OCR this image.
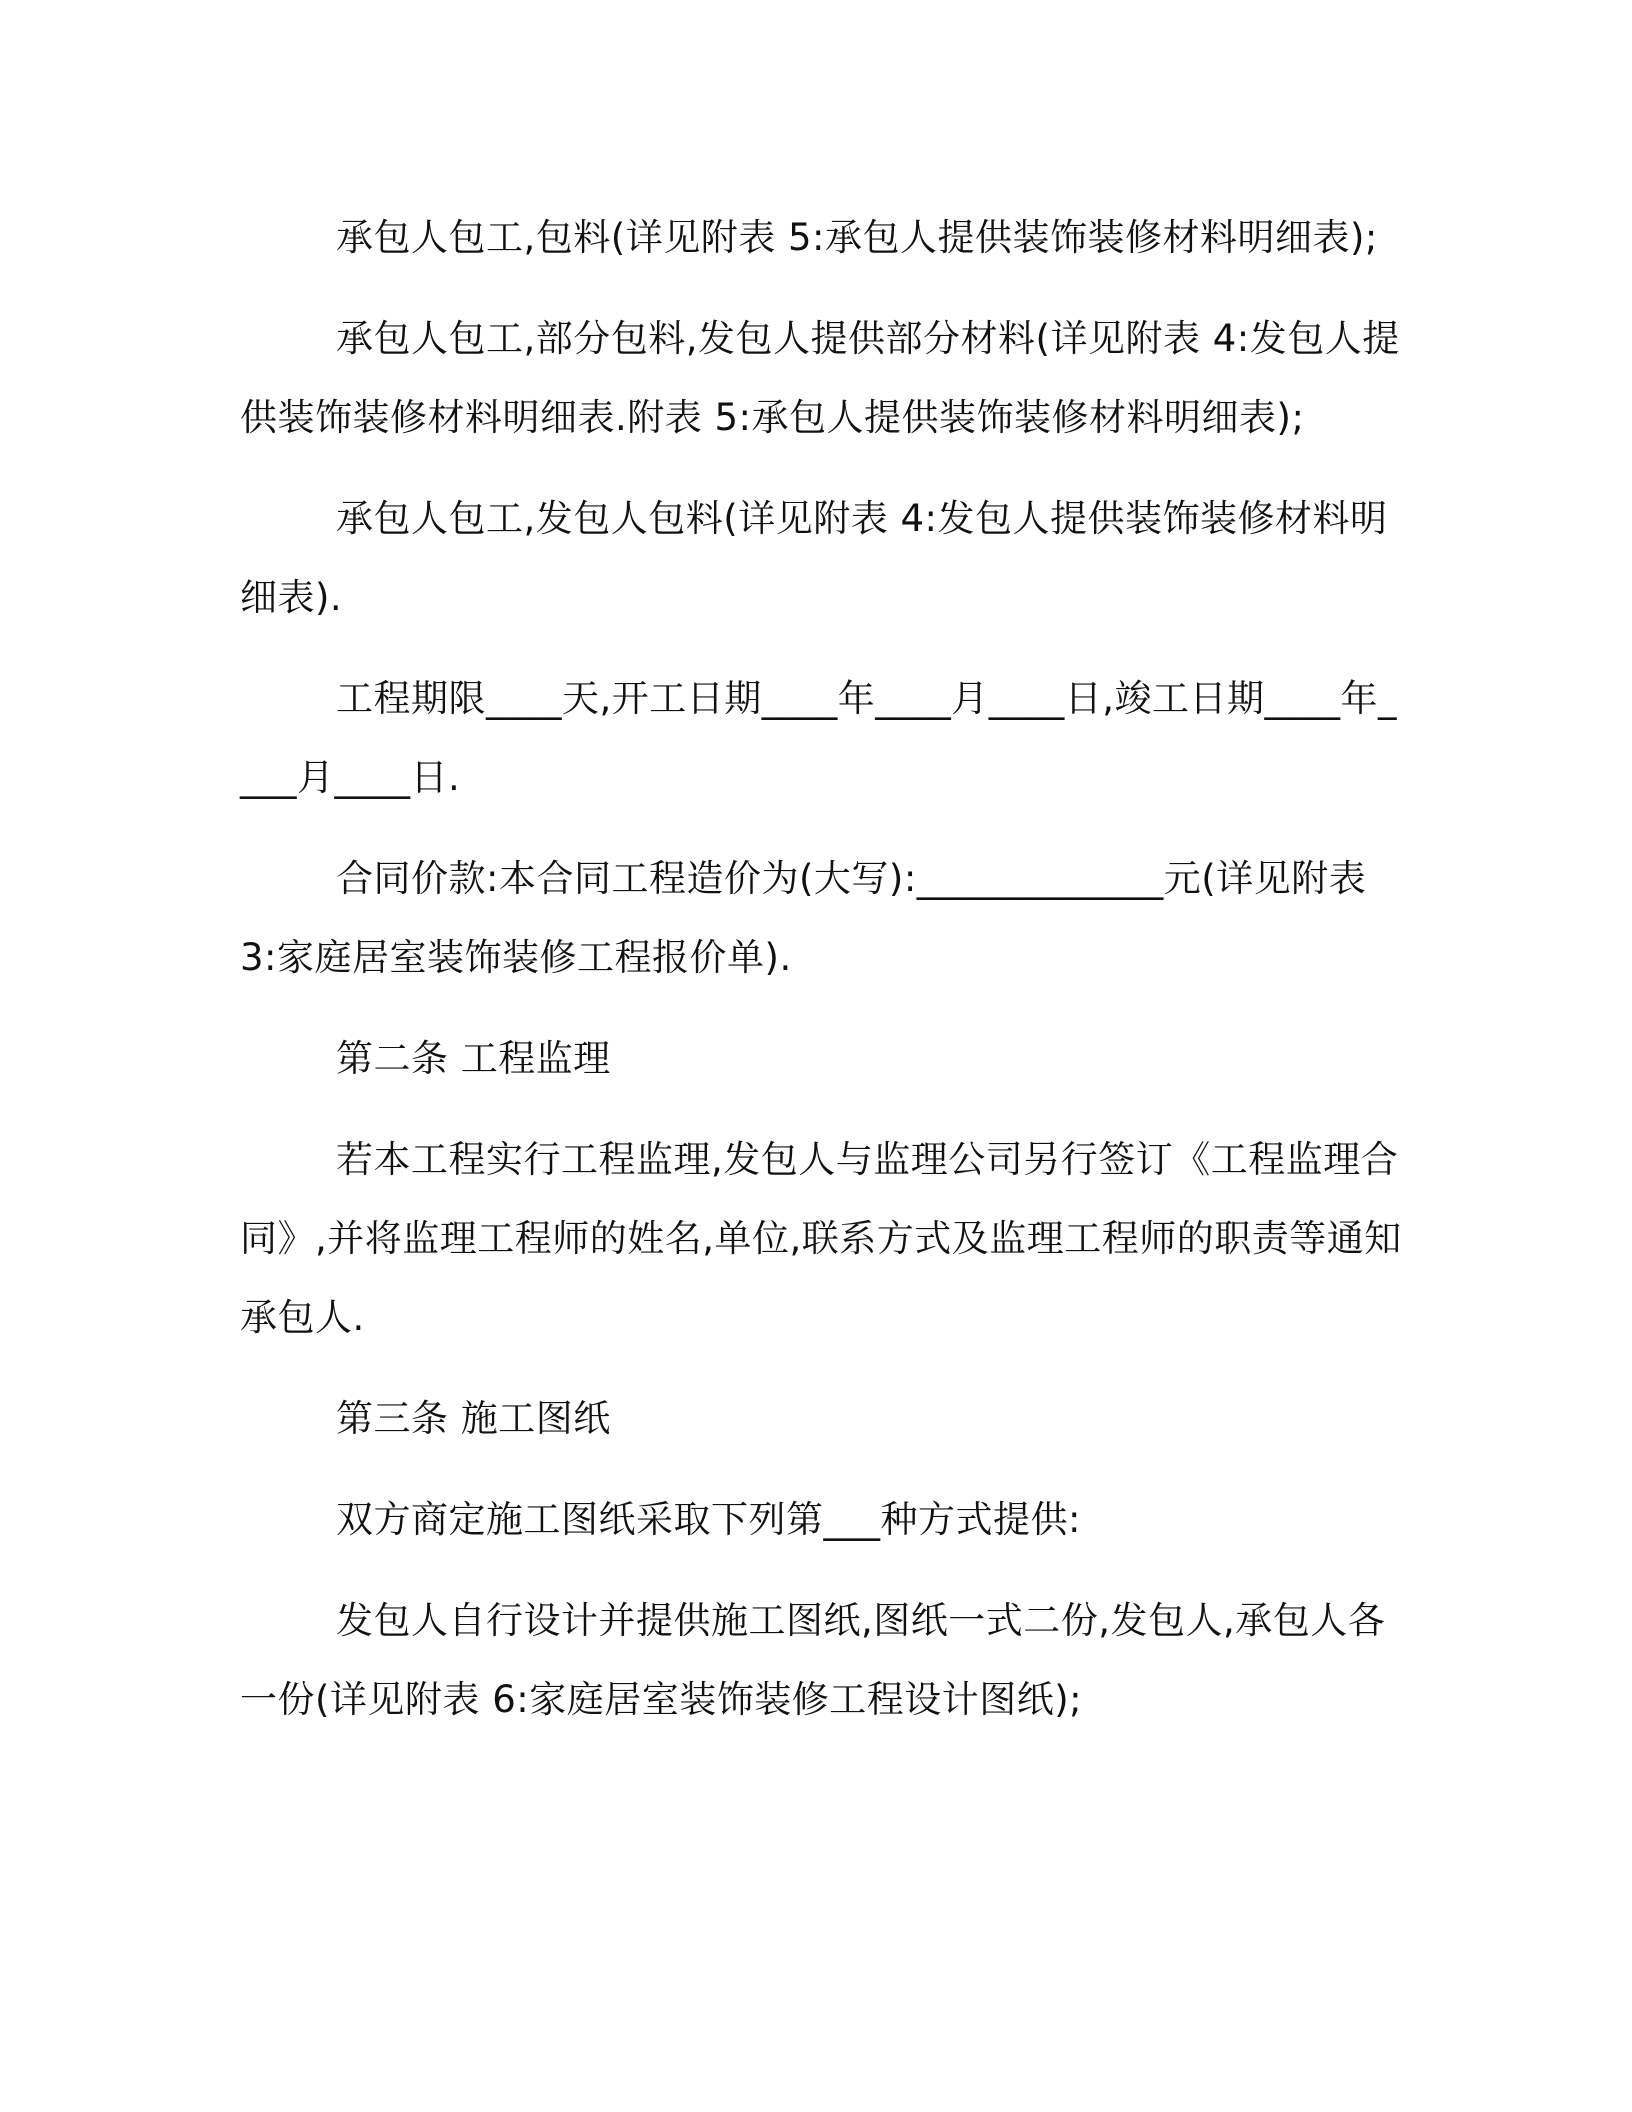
承包人包工,包料(详见附表 5:承包人提供装饰装修材料明细表);

承包人包工,部分包料,发包人提供部分材料(详见附表 4:发包人提供装饰装修材料明细表.附表 5:承包人提供装饰装修材料明细表);

承包人包工,发包人包料(详见附表 4:发包人提供装饰装修材料明细表).

工程期限____天,开工日期____年____月____日,竣工日期____年____月____日.

合同价款:本合同工程造价为(大写):_____________元(详见附表 3:家庭居室装饰装修工程报价单).

第二条 工程监理

若本工程实行工程监理,发包人与监理公司另行签订《工程监理合同》,并将监理工程师的姓名,单位,联系方式及监理工程师的职责等通知承包人.

第三条 施工图纸

双方商定施工图纸采取下列第___种方式提供:

发包人自行设计并提供施工图纸,图纸一式二份,发包人,承包人各一份(详见附表 6:家庭居室装饰装修工程设计图纸);
